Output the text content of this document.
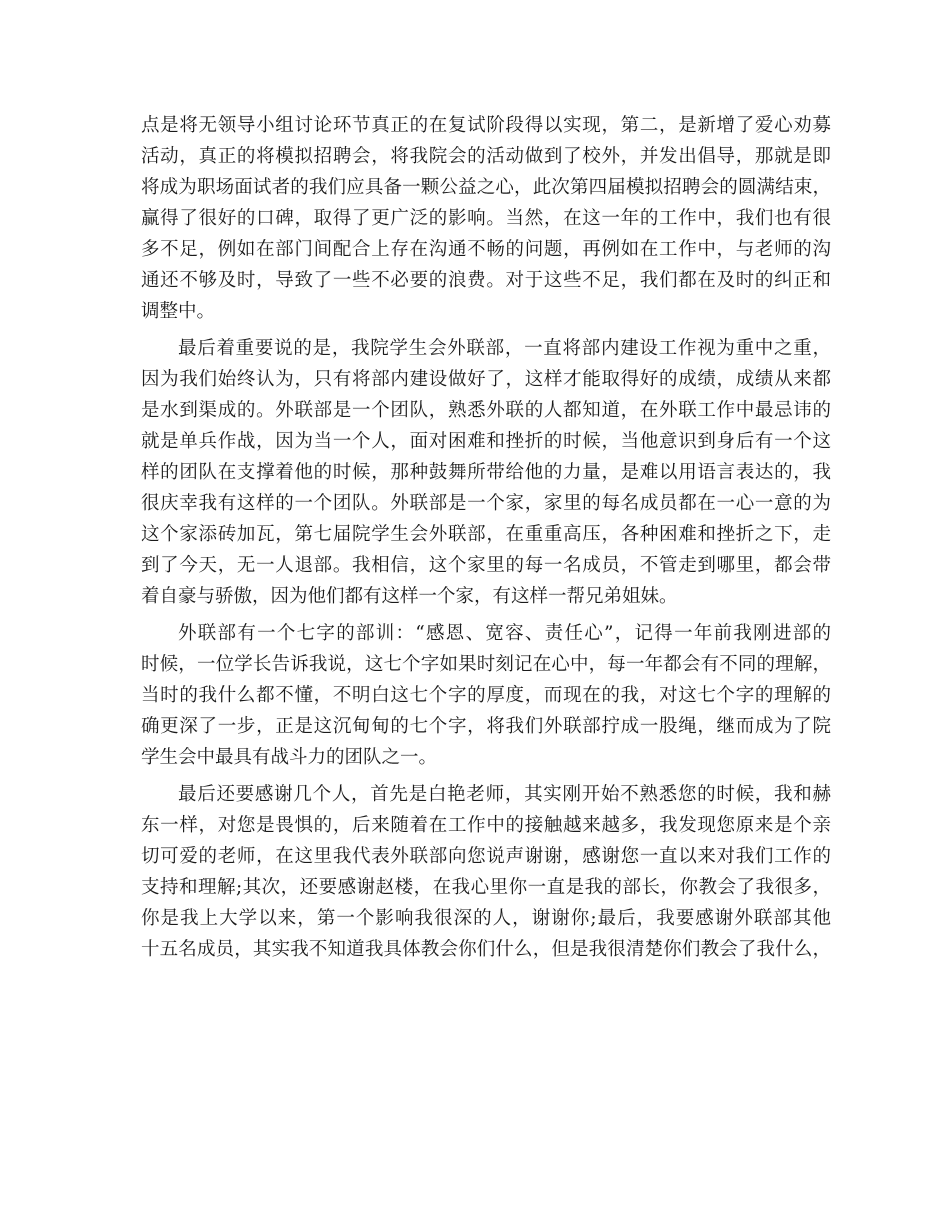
点是将无领导小组讨论环节真正的在复试阶段得以实现，第二，是新增了爱心劝募
活动，真正的将模拟招聘会，将我院会的活动做到了校外，并发出倡导，那就是即
将成为职场面试者的我们应具备一颗公益之心，此次第四届模拟招聘会的圆满结束，
赢得了很好的口碑，取得了更广泛的影响。当然，在这一年的工作中，我们也有很
多不足，例如在部门间配合上存在沟通不畅的问题，再例如在工作中，与老师的沟
通还不够及时，导致了一些不必要的浪费。对于这些不足，我们都在及时的纠正和
调整中。
最后着重要说的是，我院学生会外联部，一直将部内建设工作视为重中之重，
因为我们始终认为，只有将部内建设做好了，这样才能取得好的成绩，成绩从来都
是水到渠成的。外联部是一个团队，熟悉外联的人都知道，在外联工作中最忌讳的
就是单兵作战，因为当一个人，面对困难和挫折的时候，当他意识到身后有一个这
样的团队在支撑着他的时候，那种鼓舞所带给他的力量，是难以用语言表达的，我
很庆幸我有这样的一个团队。外联部是一个家，家里的每名成员都在一心一意的为
这个家添砖加瓦，第七届院学生会外联部，在重重高压，各种困难和挫折之下，走
到了今天，无一人退部。我相信，这个家里的每一名成员，不管走到哪里，都会带
着自豪与骄傲，因为他们都有这样一个家，有这样一帮兄弟姐妹。
外联部有一个七字的部训：“感恩、宽容、责任心”，记得一年前我刚进部的
时候，一位学长告诉我说，这七个字如果时刻记在心中，每一年都会有不同的理解，
当时的我什么都不懂，不明白这七个字的厚度，而现在的我，对这七个字的理解的
确更深了一步，正是这沉甸甸的七个字，将我们外联部拧成一股绳，继而成为了院
学生会中最具有战斗力的团队之一。
最后还要感谢几个人，首先是白艳老师，其实刚开始不熟悉您的时候，我和赫
东一样，对您是畏惧的，后来随着在工作中的接触越来越多，我发现您原来是个亲
切可爱的老师，在这里我代表外联部向您说声谢谢，感谢您一直以来对我们工作的
支持和理解;其次，还要感谢赵楼，在我心里你一直是我的部长，你教会了我很多，
你是我上大学以来，第一个影响我很深的人，谢谢你;最后，我要感谢外联部其他
十五名成员，其实我不知道我具体教会你们什么，但是我很清楚你们教会了我什么，
